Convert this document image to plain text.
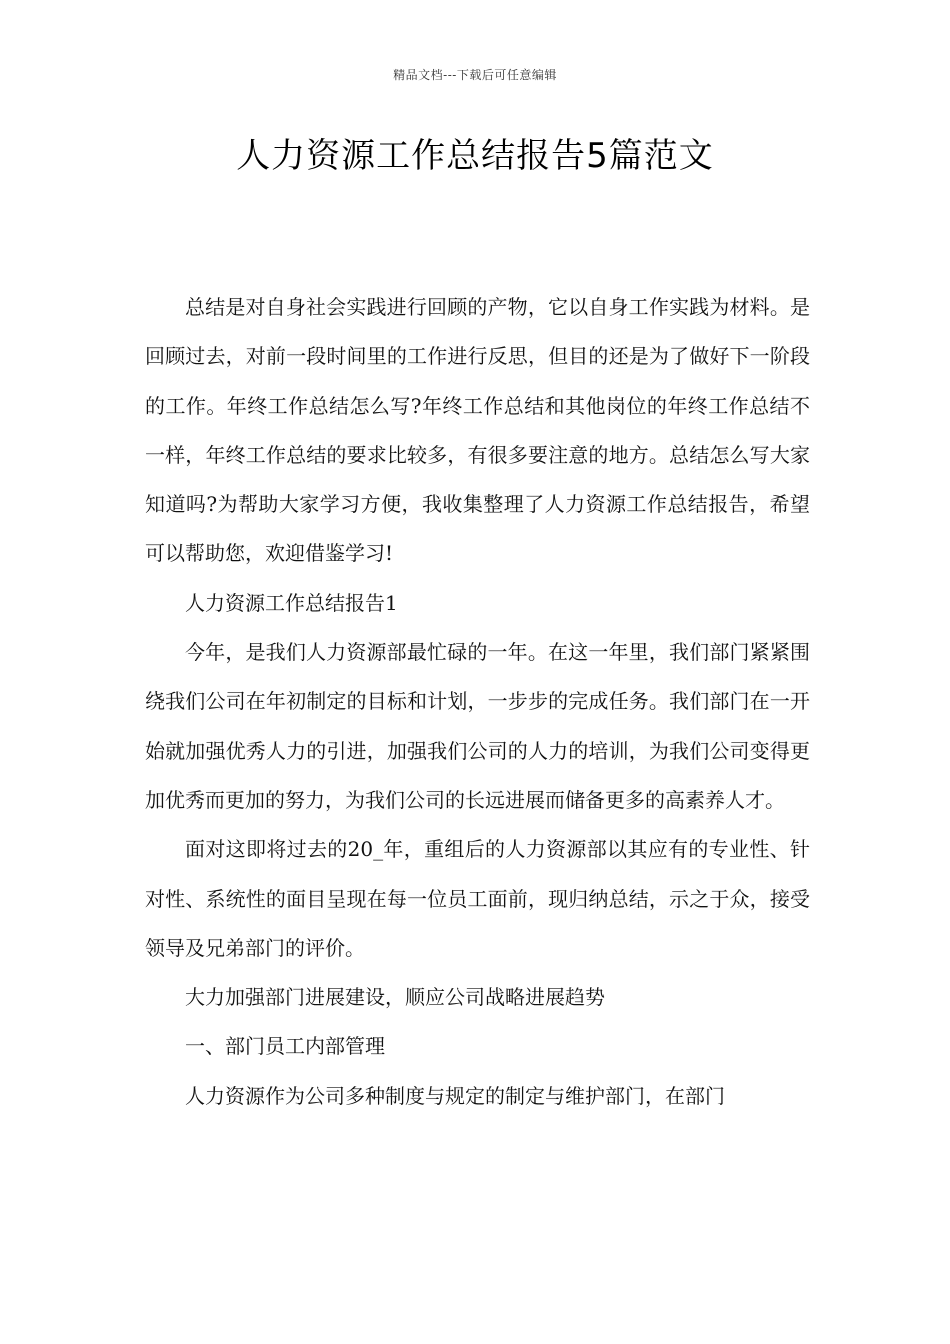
精品文档---下载后可任意编辑
人力资源工作总结报告5篇范文

总结是对自身社会实践进行回顾的产物，它以自身工作实践为材料。是回顾过去，对前一段时间里的工作进行反思，但目的还是为了做好下一阶段的工作。年终工作总结怎么写?年终工作总结和其他岗位的年终工作总结不一样，年终工作总结的要求比较多，有很多要注意的地方。总结怎么写大家知道吗?为帮助大家学习方便，我收集整理了人力资源工作总结报告，希望可以帮助您，欢迎借鉴学习!

人力资源工作总结报告1

今年，是我们人力资源部最忙碌的一年。在这一年里，我们部门紧紧围绕我们公司在年初制定的目标和计划，一步步的完成任务。我们部门在一开始就加强优秀人力的引进，加强我们公司的人力的培训，为我们公司变得更加优秀而更加的努力，为我们公司的长远进展而储备更多的高素养人才。

面对这即将过去的20_年，重组后的人力资源部以其应有的专业性、针对性、系统性的面目呈现在每一位员工面前，现归纳总结，示之于众，接受领导及兄弟部门的评价。

大力加强部门进展建设，顺应公司战略进展趋势

一、部门员工内部管理

人力资源作为公司多种制度与规定的制定与维护部门，在部门
